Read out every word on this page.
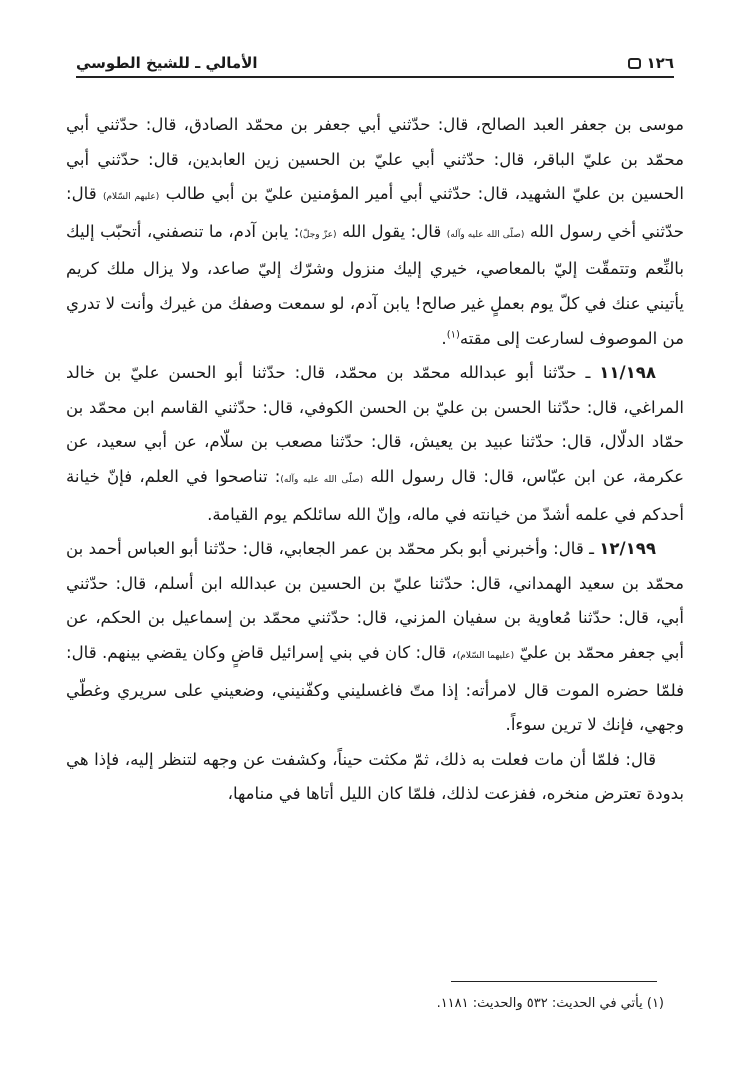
١٢٦
الأمالي ـ للشيخ الطوسي

موسى بن جعفر العبد الصالح، قال: حدّثني أبي جعفر بن محمّد الصادق، قال: حدّثني أبي محمّد بن عليّ الباقر، قال: حدّثني أبي عليّ بن الحسين زين العابدين، قال: حدّثني أبي الحسين بن عليّ الشهيد، قال: حدّثني أبي أمير المؤمنين عليّ بن أبي طالب (عليهم السّلام) قال: حدّثني أخي رسول الله (صلّى الله عليه وآله) قال: يقول الله (عزّ وجلّ): يابن آدم، ما تنصفني، أتحبّب إليك بالنِّعم وتتمقّت إليّ بالمعاصي، خيري إليك منزول وشرّك إليّ صاعد، ولا يزال ملك كريم يأتيني عنك في كلّ يوم بعملٍ غير صالح! يابن آدم، لو سمعت وصفك من غيرك وأنت لا تدري من الموصوف لسارعت إلى مقته$^{(١)}$.

١١/١٩٨ ـ حدّثنا أبو عبدالله محمّد بن محمّد، قال: حدّثنا أبو الحسن عليّ بن خالد المراغي، قال: حدّثنا الحسن بن عليّ بن الحسن الكوفي، قال: حدّثني القاسم ابن محمّد بن حمّاد الدلّال، قال: حدّثنا عبيد بن يعيش، قال: حدّثنا مصعب بن سلّام، عن أبي سعيد، عن عكرمة، عن ابن عبّاس، قال: قال رسول الله (صلّى الله عليه وآله): تناصحوا في العلم، فإنّ خيانة أحدكم في علمه أشدّ من خيانته في ماله، وإنّ الله سائلكم يوم القيامة.

١٢/١٩٩ ـ قال: وأخبرني أبو بكر محمّد بن عمر الجعابي، قال: حدّثنا أبو العباس أحمد بن محمّد بن سعيد الهمداني، قال: حدّثنا عليّ بن الحسين بن عبدالله ابن أسلم، قال: حدّثني أبي، قال: حدّثنا مُعاوية بن سفيان المزني، قال: حدّثني محمّد بن إسماعيل بن الحكم، عن أبي جعفر محمّد بن عليّ (عليهما السّلام)، قال: كان في بني إسرائيل قاضٍ وكان يقضي بينهم. قال: فلمّا حضره الموت قال لامرأته: إذا متّ فاغسليني وكفّنيني، وضعيني على سريري وغطّي وجهي، فإنك لا ترين سوءاً.

قال: فلمّا أن مات فعلت به ذلك، ثمّ مكثت حيناً، وكشفت عن وجهه لتنظر إليه، فإذا هي بدودة تعترض منخره، ففزعت لذلك، فلمّا كان الليل أتاها في منامها،

(١) يأتي في الحديث: ٥٣٢ والحديث: ١١٨١.
